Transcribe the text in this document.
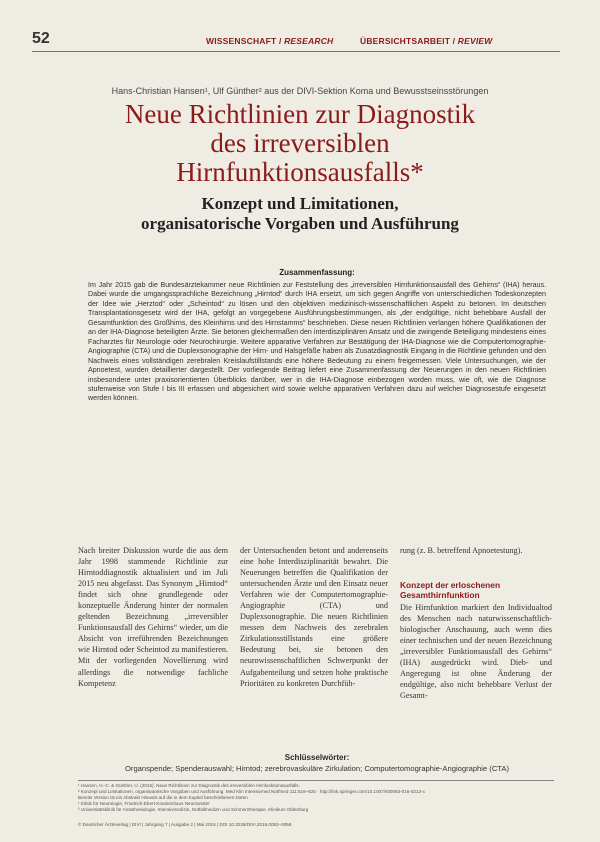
52	WISSENSCHAFT / RESEARCH	ÜBERSICHTSARBEIT / REVIEW
Hans-Christian Hansen¹, Ulf Günther² aus der DIVI-Sektion Koma und Bewusstseinsstörungen
Neue Richtlinien zur Diagnostik
des irreversiblen
Hirnfunktionsausfalls*
Konzept und Limitationen,
organisatorische Vorgaben und Ausführung
Zusammenfassung:
Im Jahr 2015 gab die Bundesärztekammer neue Richtlinien zur Feststellung des „irreversiblen Hirnfunktionsausfall des Gehirns“ (IHA) heraus. Dabei wurde die umgangssprachliche Bezeichnung „Hirntod“ durch IHA ersetzt, um sich gegen Angriffe von unterschiedlichen Todeskonzepten der Idee wie „Herztod“ oder „Scheintod“ zu lösen und den objektiven medizinisch-wissenschaftlichen Aspekt zu betonen. Im deutschen Transplantationsgesetz wird der IHA, gefolgt an vorgegebene Ausführungsbestimmungen, als „der endgültige, nicht behebbare Ausfall der Gesamtfunktion des Großhirns, des Kleinhirns und des Hirnstamms“ beschrieben. Diese neuen Richtlinien verlangen höhere Qualifikationen der an der IHA-Diagnose beteiligten Ärzte. Sie betonen gleichermaßen den interdisziplinären Ansatz und die zwingende Beteiligung mindestens eines Facharztes für Neurologie oder Neurochirurgie. Weitere apparative Verfahren zur Bestätigung der IHA-Diagnose wie die Computertomographie-Angiographie (CTA) und die Duplexsonographie der Hirn- und Halsgefäße haben als Zusatzdiagnostik Eingang in die Richtlinie gefunden und den Nachweis eines vollständigen zerebralen Kreislaufstillstands eine höhere Bedeutung zu einem freigemessen. Viele Untersuchungen, wie der Apnoetest, wurden detaillierter dargestellt. Der vorliegende Beitrag liefert eine Zusammenfassung der Neuerungen in den neuen Richtlinien insbesondere unter praxisorientierten Überblicks darüber, wer in die IHA-Diagnose einbezogen worden muss, wie oft, wie die Diagnose stufenweise von Stufe I bis III erfassen und abgesichert wird sowie welche apparativen Verfahren dazu auf welcher Diagnosestufe eingesetzt werden können.
Schlüsselwörter:
Organspende; Spenderauswahl; Hirntod; zerebrovaskuläre Zirkulation; Computertomographie-Angiographie (CTA)

Nach breiter Diskussion wurde die aus dem Jahr 1998 stammende Richtlinie zur Hirntoddiagnostik aktualisiert und im Juli 2015 neu abgefasst. Das Synonym „Hirntod“ findet sich ohne grundlegende oder konzeptuelle Änderung hinter der normalen geltenden Bezeichnung „irreversibler Funktionsausfall des Gehirns“ wieder, um die Absicht von irreführenden Bezeichnungen wie Hirntod oder Scheintod zu manifestieren. Mit der vorliegenden Novellierung wird allerdings die notwendige fachliche Kompetenz

der Untersuchenden betont und anderenseits eine hohe Interdisziplinarität bewahrt. Die Neuerungen betreffen die Qualifikation der untersuchenden Ärzte und den Einsatz neuer Verfahren wie der Computertomographie-Angiographie (CTA) und Duplexsonographie. Die neuen Richtlinien messen dem Nachweis des zerebralen Zirkulationsstillstands eine größere Bedeutung bei, sie betonen den neurowissenschaftlichen Schwerpunkt der Aufgabenteilung und setzen hohe praktische Prioritäten zu konkreten Durchfüh-

rung (z. B. betreffend Apnoetestung).

Konzept der erloschenen
Gesamthirnfunktion

Die Hirnfunktion markiert den Individualtod des Menschen nach naturwissenschaftlich-biologischer Anschauung, auch wenn dies einer technischen und der neuen Bezeichnung „irreversibler Funktionsausfall des Gehirns“ (IHA) ausgedrückt wird. Dieb- und Angeregung ist ohne Änderung der endgültige, also nicht behebbare Verlust der Gesamt-

¹ Hansen, H.-C. & Günther, U. (2016). Neue Richtlinien zur Diagnostik des irreversiblen Hirnfunktionsausfalls.
² Konzept und Limitationen, organisatorische Vorgaben und Ausführung. Med Klin Intensivmed Notfmed 111:516–525 · http://link.springer.com/10.1007/s00063-016-0213-x
Bereits Version ist ein Abstrakt Hinweis auf die in dem Kapitel beschriebenen Daten
¹ Klinik für Neurologie, Friedrich-Ebert-Krankenhaus Neumünster
² Universitätsklinik für Anästhesiologie, Intensivmedizin, Notfallmedizin und Schmerztherapie, Klinikum Oldenburg
© Deutscher Ärzteverlag | DIVI | Jahrgang 7 | Ausgabe 2 | Mai 2016 | DOI 10.3238/DIVI.2016.0052–0058
